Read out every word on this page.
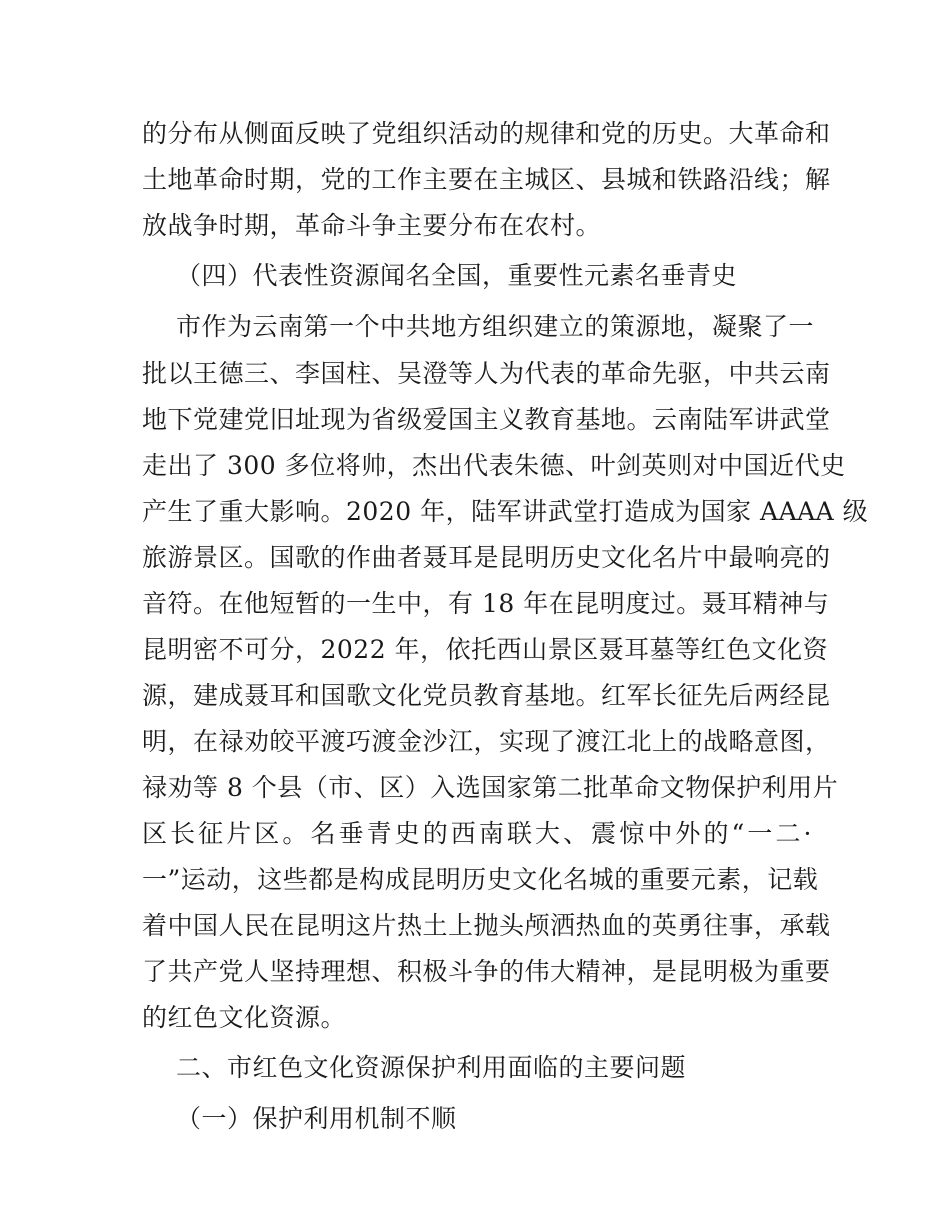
的分布从侧面反映了党组织活动的规律和党的历史。大革命和
土地革命时期，党的工作主要在主城区、县城和铁路沿线；解
放战争时期，革命斗争主要分布在农村。
（四）代表性资源闻名全国，重要性元素名垂青史
市作为云南第一个中共地方组织建立的策源地，凝聚了一
批以王德三、李国柱、吴澄等人为代表的革命先驱，中共云南
地下党建党旧址现为省级爱国主义教育基地。云南陆军讲武堂
走出了 300 多位将帅，杰出代表朱德、叶剑英则对中国近代史
产生了重大影响。2020 年，陆军讲武堂打造成为国家 AAAA 级
旅游景区。国歌的作曲者聂耳是昆明历史文化名片中最响亮的
音符。在他短暂的一生中，有 18 年在昆明度过。聂耳精神与
昆明密不可分，2022 年，依托西山景区聂耳墓等红色文化资
源，建成聂耳和国歌文化党员教育基地。红军长征先后两经昆
明，在禄劝皎平渡巧渡金沙江，实现了渡江北上的战略意图，
禄劝等 8 个县（市、区）入选国家第二批革命文物保护利用片
区长征片区。名垂青史的西南联大、震惊中外的“一二·
一”运动，这些都是构成昆明历史文化名城的重要元素，记载
着中国人民在昆明这片热土上抛头颅洒热血的英勇往事，承载
了共产党人坚持理想、积极斗争的伟大精神，是昆明极为重要
的红色文化资源。
二、市红色文化资源保护利用面临的主要问题
（一）保护利用机制不顺
